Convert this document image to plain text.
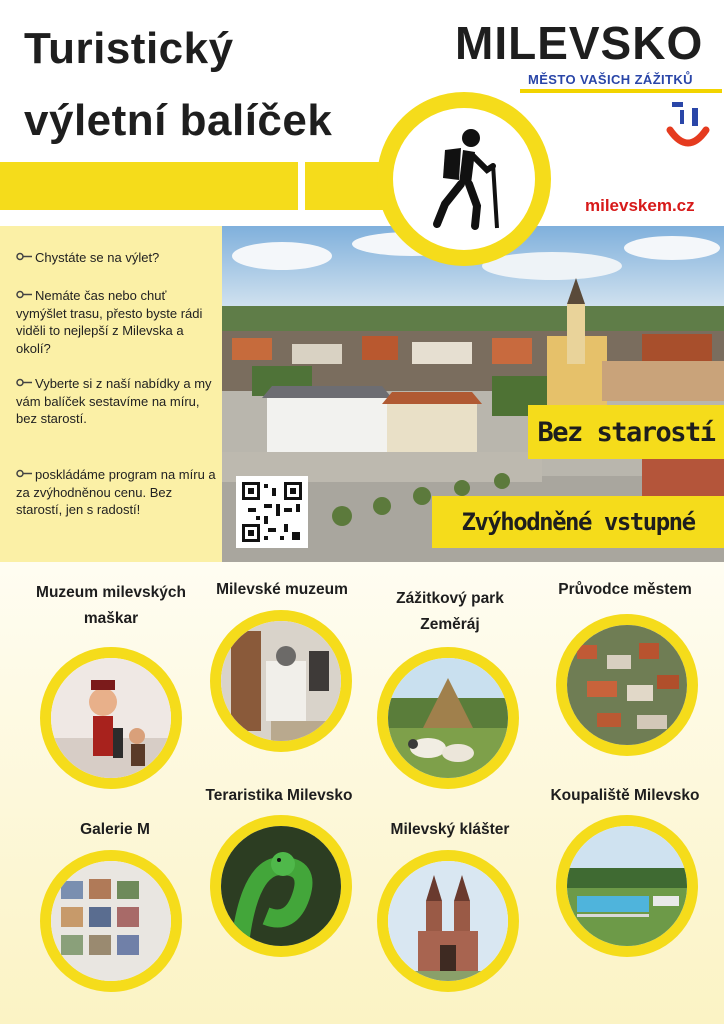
Turistický
výletní balíček
MILEVSKO
MĚSTO VAŠICH ZÁŽITKŮ
milevskem.cz
Chystáte se na výlet?
Nemáte čas nebo chuť vymýšlet trasu, přesto byste rádi viděli to nejlepší z Milevska a okolí?
Vyberte si z naší nabídky a my vám balíček sestavíme na míru, bez starostí.
poskládáme program na míru a za zvýhodněnou cenu. Bez starostí, jen s radostí!
Bez starostí
Zvýhodněné vstupné
Muzeum milevských maškar
Milevské muzeum
Zážitkový park Zeměráj
Průvodce městem
Galerie M
Teraristika Milevsko
Milevský klášter
Koupaliště Milevsko
